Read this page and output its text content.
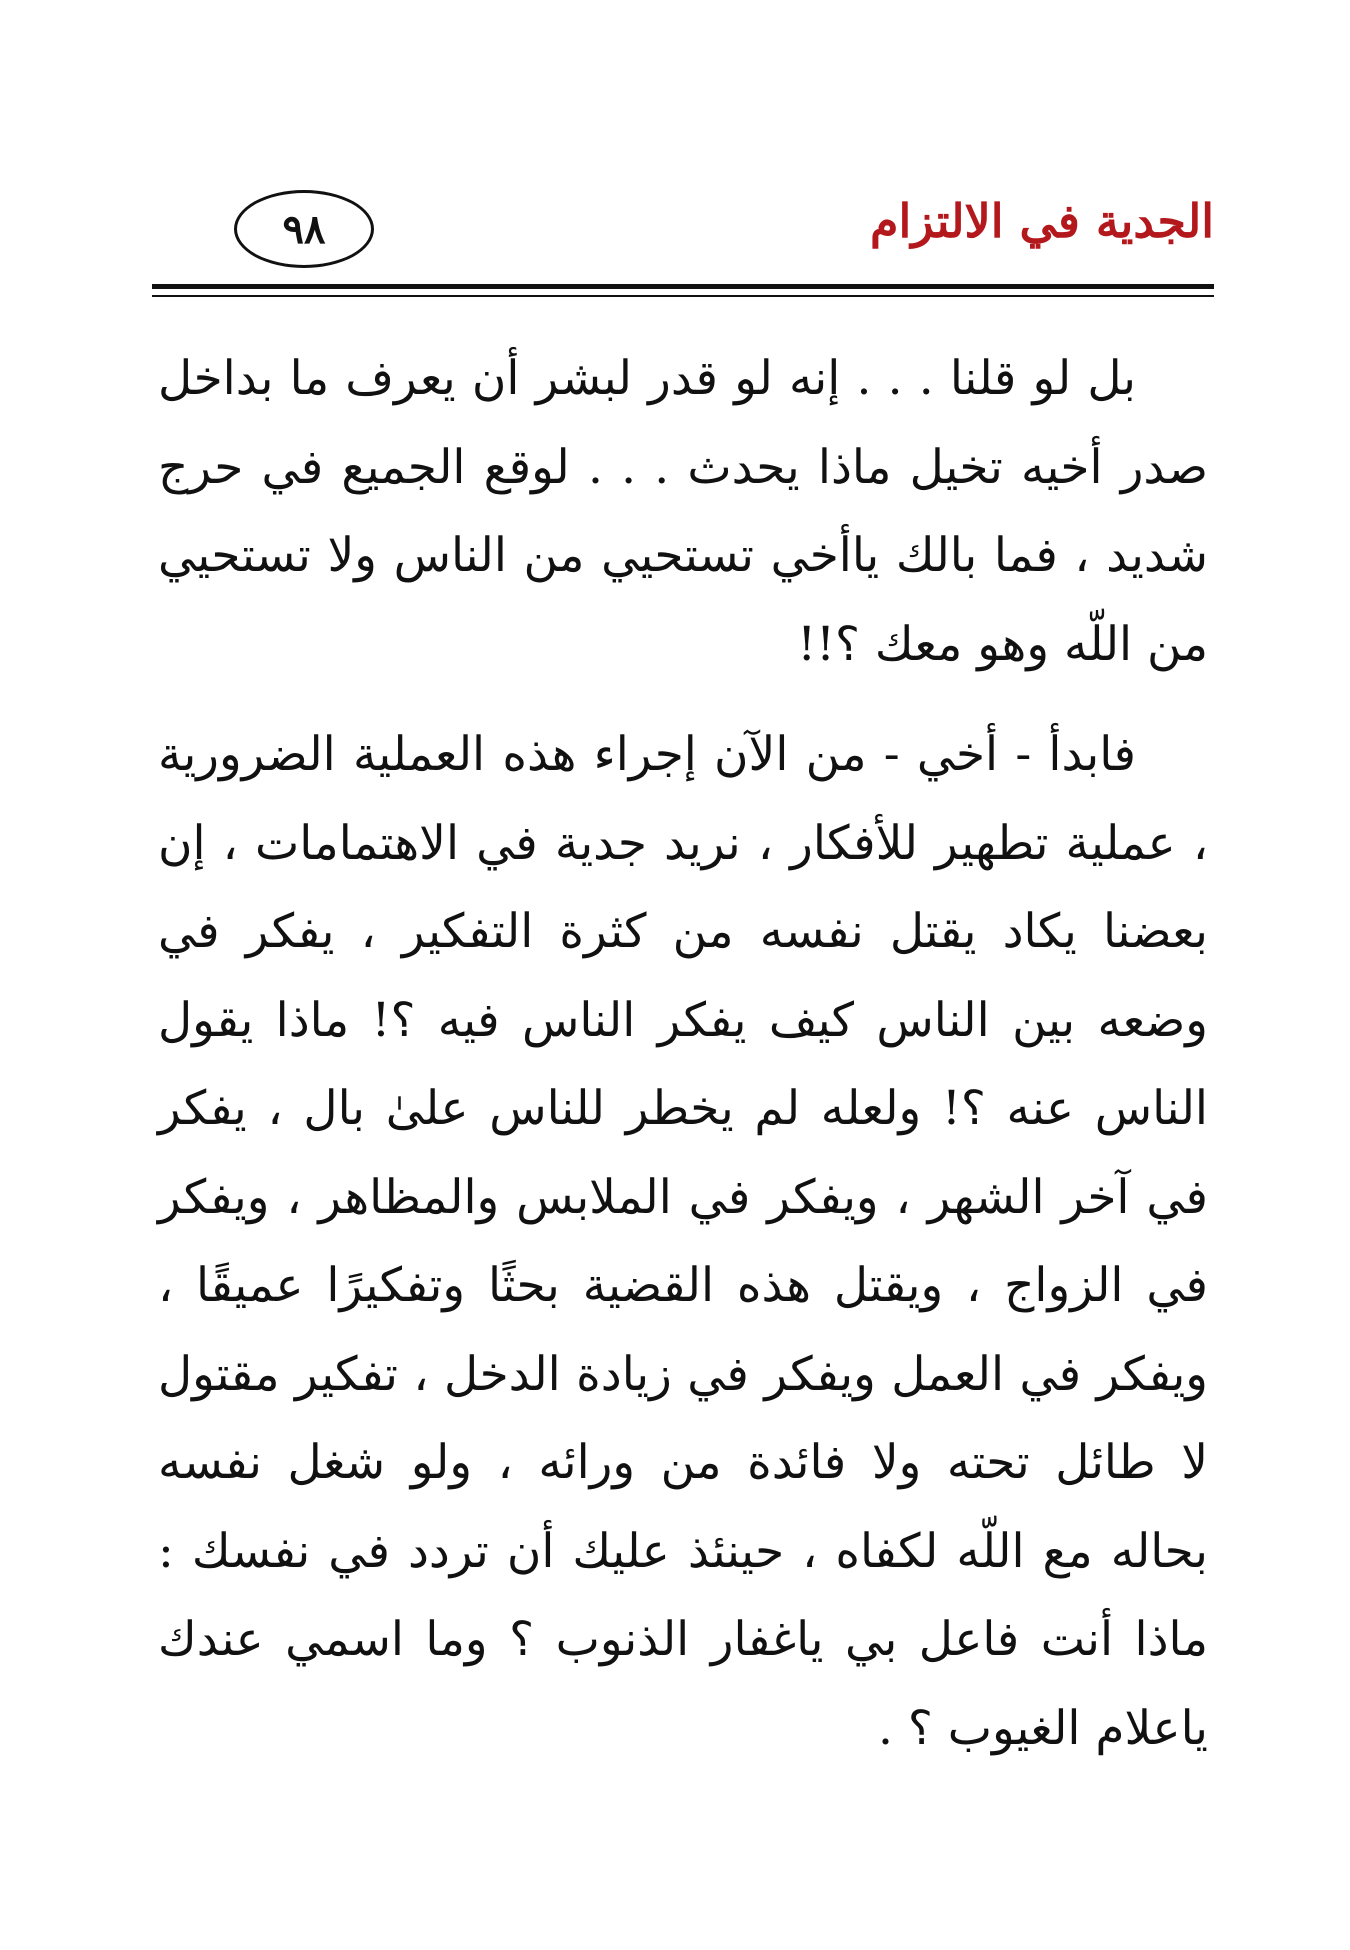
٩٨	الجدية في الالتزام

بل لو قلنا . . . إنه لو قدر لبشر أن يعرف ما بداخل صدر أخيه تخيل ماذا يحدث . . . لوقع الجميع في حرج شديد ، فما بالك ياأخي تستحيي من الناس ولا تستحيي من اللّه وهو معك ؟!!

فابدأ - أخي - من الآن إجراء هذه العملية الضرورية ، عملية تطهير للأفكار ، نريد جدية في الاهتمامات ، إن بعضنا يكاد يقتل نفسه من كثرة التفكير ، يفكر في وضعه بين الناس كيف يفكر الناس فيه ؟! ماذا يقول الناس عنه ؟! ولعله لم يخطر للناس علىٰ بال ، يفكر في آخر الشهر ، ويفكر في الملابس والمظاهر ، ويفكر في الزواج ، ويقتل هذه القضية بحثًا وتفكيرًا عميقًا ، ويفكر في العمل ويفكر في زيادة الدخل ، تفكير مقتول لا طائل تحته ولا فائدة من ورائه ، ولو شغل نفسه بحاله مع اللّه لكفاه ، حينئذ عليك أن تردد في نفسك : ماذا أنت فاعل بي ياغفار الذنوب ؟ وما اسمي عندك ياعلام الغيوب ؟ .
